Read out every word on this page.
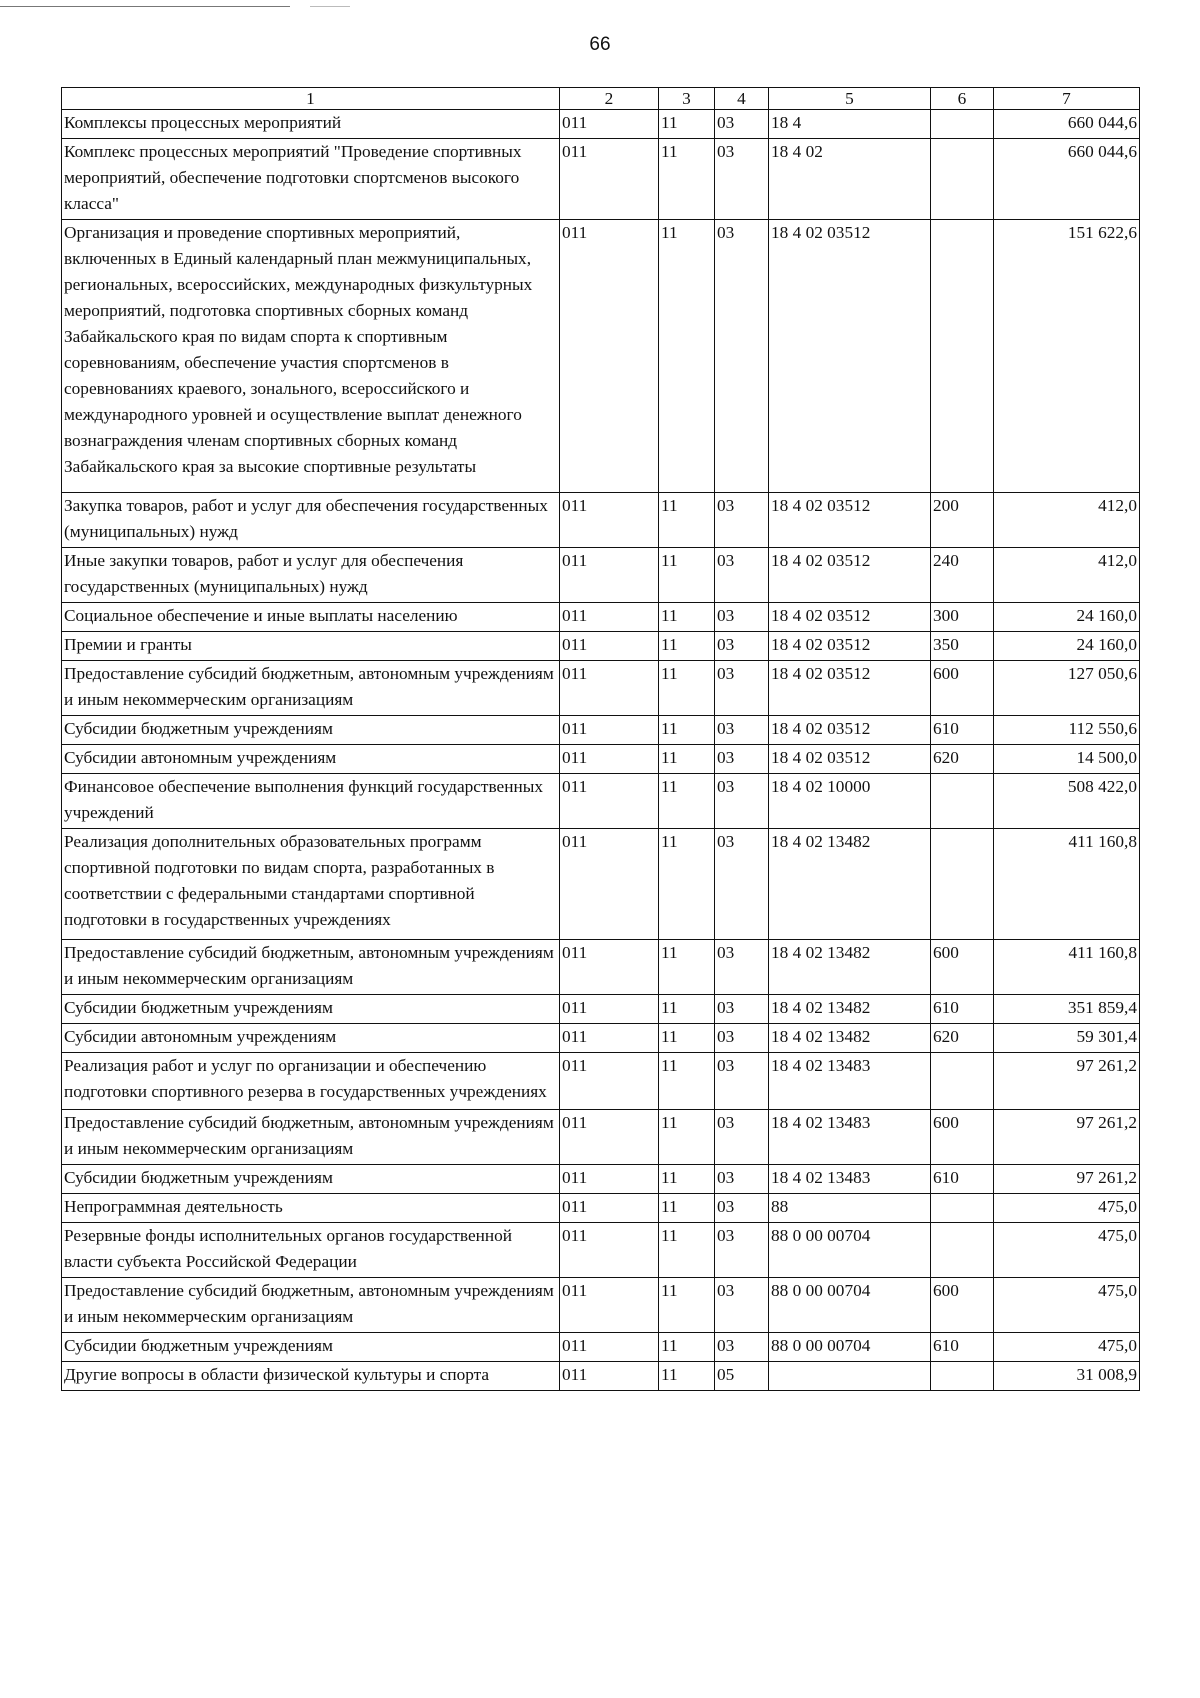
66
1	2	3	4	5	6	7
Комплексы процессных мероприятий	011	11	03	18 4		660 044,6
Комплекс процессных мероприятий "Проведение спортивных мероприятий, обеспечение подготовки спортсменов высокого класса"	011	11	03	18 4 02		660 044,6
Организация и проведение спортивных мероприятий, включенных в Единый календарный план межмуниципальных, региональных, всероссийских, международных физкультурных мероприятий, подготовка спортивных сборных команд Забайкальского края по видам спорта к спортивным соревнованиям, обеспечение участия спортсменов в соревнованиях краевого, зонального, всероссийского и международного уровней и осуществление выплат денежного вознаграждения членам спортивных сборных команд Забайкальского края за высокие спортивные результаты	011	11	03	18 4 02 03512		151 622,6
Закупка товаров, работ и услуг для обеспечения государственных (муниципальных) нужд	011	11	03	18 4 02 03512	200	412,0
Иные закупки товаров, работ и услуг для обеспечения государственных (муниципальных) нужд	011	11	03	18 4 02 03512	240	412,0
Социальное обеспечение и иные выплаты населению	011	11	03	18 4 02 03512	300	24 160,0
Премии и гранты	011	11	03	18 4 02 03512	350	24 160,0
Предоставление субсидий бюджетным, автономным учреждениям и иным некоммерческим организациям	011	11	03	18 4 02 03512	600	127 050,6
Субсидии бюджетным учреждениям	011	11	03	18 4 02 03512	610	112 550,6
Субсидии автономным учреждениям	011	11	03	18 4 02 03512	620	14 500,0
Финансовое обеспечение выполнения функций государственных учреждений	011	11	03	18 4 02 10000		508 422,0
Реализация дополнительных образовательных программ спортивной подготовки по видам спорта, разработанных в соответствии с федеральными стандартами спортивной подготовки в государственных учреждениях	011	11	03	18 4 02 13482		411 160,8
Предоставление субсидий бюджетным, автономным учреждениям и иным некоммерческим организациям	011	11	03	18 4 02 13482	600	411 160,8
Субсидии бюджетным учреждениям	011	11	03	18 4 02 13482	610	351 859,4
Субсидии автономным учреждениям	011	11	03	18 4 02 13482	620	59 301,4
Реализация работ и услуг по организации и обеспечению подготовки спортивного резерва в государственных учреждениях	011	11	03	18 4 02 13483		97 261,2
Предоставление субсидий бюджетным, автономным учреждениям и иным некоммерческим организациям	011	11	03	18 4 02 13483	600	97 261,2
Субсидии бюджетным учреждениям	011	11	03	18 4 02 13483	610	97 261,2
Непрограммная деятельность	011	11	03	88		475,0
Резервные фонды исполнительных органов государственной власти субъекта Российской Федерации	011	11	03	88 0 00 00704		475,0
Предоставление субсидий бюджетным, автономным учреждениям и иным некоммерческим организациям	011	11	03	88 0 00 00704	600	475,0
Субсидии бюджетным учреждениям	011	11	03	88 0 00 00704	610	475,0
Другие вопросы в области физической культуры и спорта	011	11	05			31 008,9
